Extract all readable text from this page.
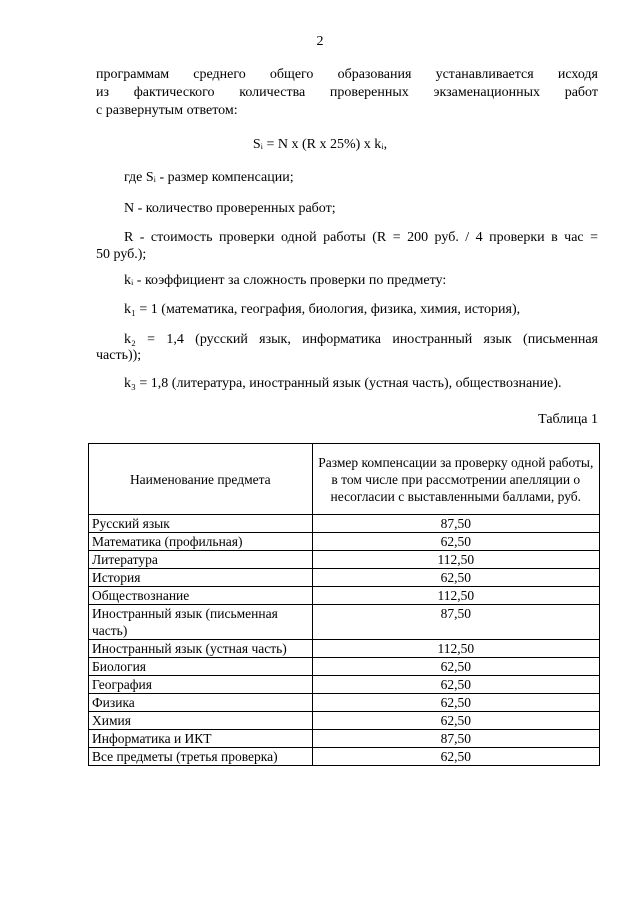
2
программам среднего общего образования устанавливается исходя
из фактического количества проверенных экзаменационных работ
с развернутым ответом:
Sᵢ = N x (R x 25%) x kᵢ,
где Sᵢ - размер компенсации;
N - количество проверенных работ;
R - стоимость проверки одной работы (R = 200 руб. / 4 проверки в час =
50 руб.);
kᵢ - коэффициент за сложность проверки по предмету:
k₁ = 1 (математика, география, биология, физика, химия, история),
k₂ = 1,4 (русский язык, информатика иностранный язык (письменная
часть));
k₃ = 1,8 (литература, иностранный язык (устная часть), обществознание).
Таблица 1
Наименование предмета	Размер компенсации за проверку одной работы, в том числе при рассмотрении апелляции о несогласии с выставленными баллами, руб.
Русский язык	87,50
Математика (профильная)	62,50
Литература	112,50
История	62,50
Обществознание	112,50
Иностранный язык (письменная часть)	87,50
Иностранный язык (устная часть)	112,50
Биология	62,50
География	62,50
Физика	62,50
Химия	62,50
Информатика и ИКТ	87,50
Все предметы (третья проверка)	62,50
